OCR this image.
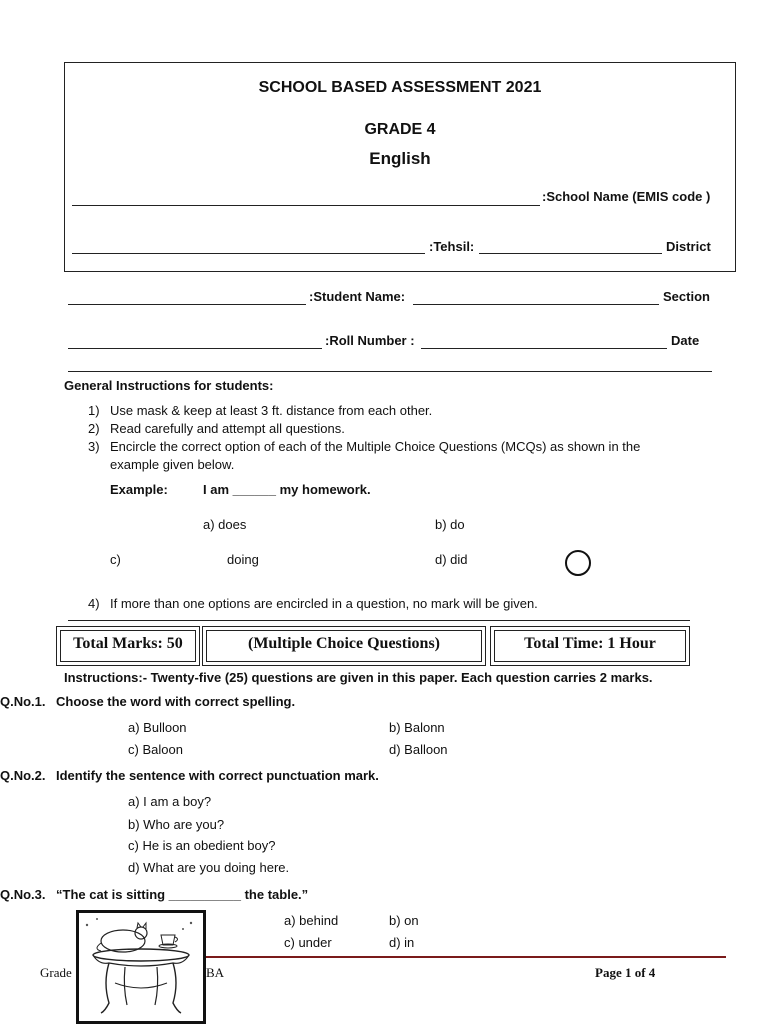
SCHOOL BASED ASSESSMENT 2021
GRADE 4
English
:School Name (EMIS code )
:Tehsil:	District
:Student Name:	Section
:Roll Number :	Date
General Instructions for students:
1) Use mask & keep at least 3 ft. distance from each other.
2) Read carefully and attempt all questions.
3) Encircle the correct option of each of the Multiple Choice Questions (MCQs) as shown in the
example given below.
Example:	I am ______ my homework.
a) does	b) do
c)	doing	d) did
4) If more than one options are encircled in a question, no mark will be given.
Total Marks: 50	(Multiple Choice Questions)	Total Time: 1 Hour
Instructions:- Twenty-five (25) questions are given in this paper. Each question carries 2 marks.
Q.No.1. Choose the word with correct spelling.
a) Bulloon	b) Balonn
c) Baloon	d) Balloon
Q.No.2. Identify the sentence with correct punctuation mark.
a) I am a boy?
b) Who are you?
c) He is an obedient boy?
d) What are you doing here.
Q.No.3. “The cat is sitting __________ the table.”
a) behind	b) on
c) under	d) in
Grade	BA	Page 1 of 4
